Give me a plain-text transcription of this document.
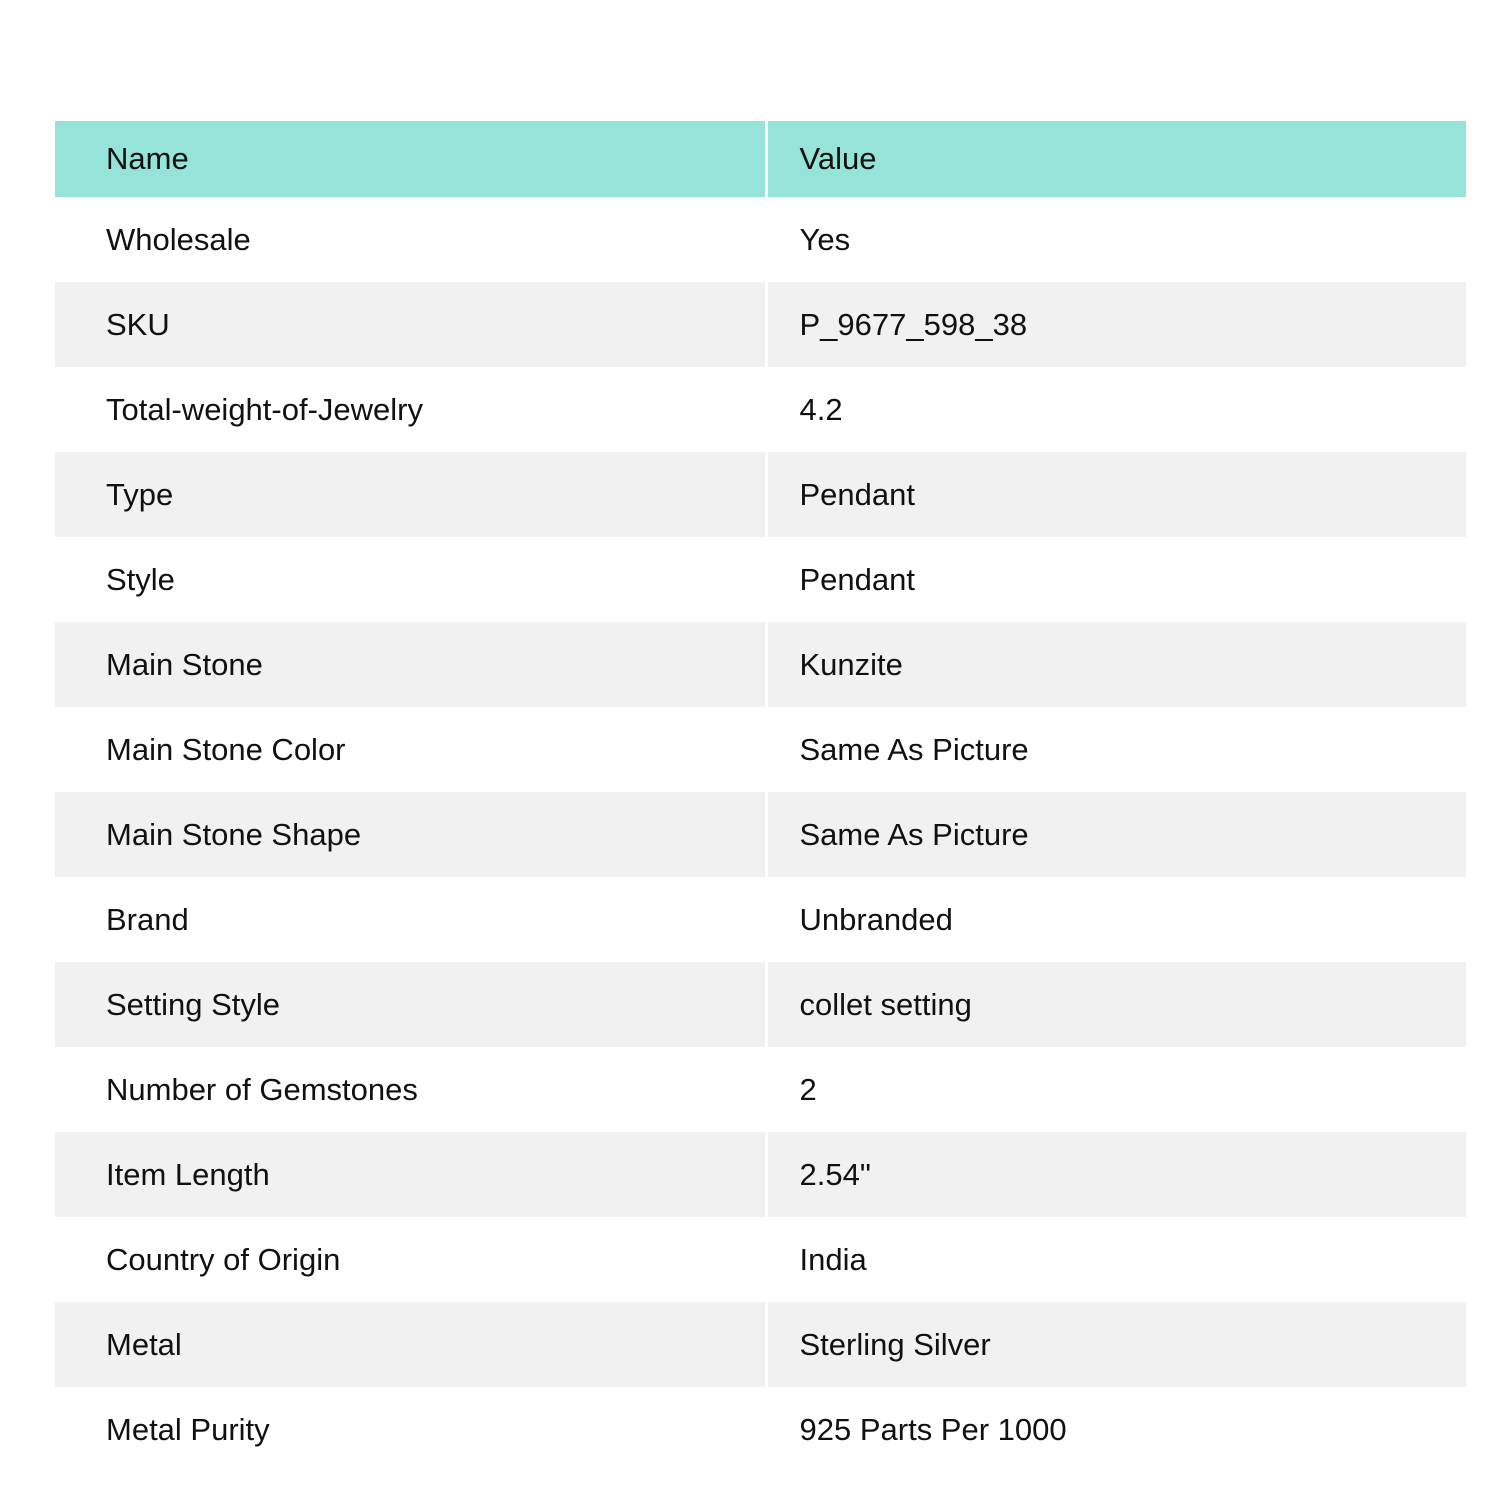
Name	Value
Wholesale	Yes
SKU	P_9677_598_38
Total-weight-of-Jewelry	4.2
Type	Pendant
Style	Pendant
Main Stone	Kunzite
Main Stone Color	Same As Picture
Main Stone Shape	Same As Picture
Brand	Unbranded
Setting Style	collet setting
Number of Gemstones	2
Item Length	2.54"
Country of Origin	India
Metal	Sterling Silver
Metal Purity	925 Parts Per 1000
